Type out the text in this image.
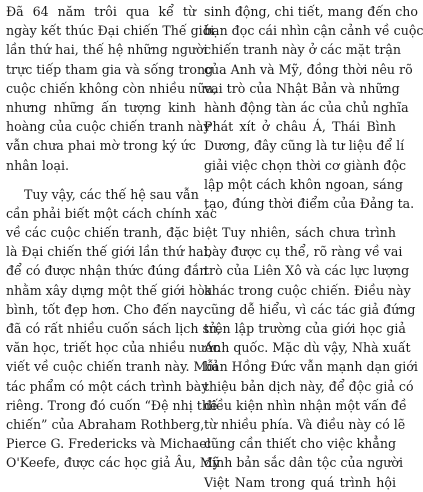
Đã 64 năm trôi qua kể từ
ngày kết thúc Đại chiến Thế giới
lần thứ hai, thế hệ những người
trực tiếp tham gia và sống trong
cuộc chiến không còn nhiều nữa,
nhưng những ấn tượng kinh
hoàng của cuộc chiến tranh này
vẫn chưa phai mờ trong ký ức
nhân loại.
Tuy vậy, các thế hệ sau vẫn
cần phải biết một cách chính xác
về các cuộc chiến tranh, đặc biệt
là Đại chiến thế giới lần thứ hai,
để có được nhận thức đúng đắn
nhằm xây dựng một thế giới hòa
bình, tốt đẹp hơn. Cho đến nay
đã có rất nhiều cuốn sách lịch sử,
văn học, triết học của nhiều nước
viết về cuộc chiến tranh này. Mỗi
tác phẩm có một cách trình bày
riêng. Trong đó cuốn “Đệ nhị thế
chiến” của Abraham Rothberg,
Pierce G. Fredericks và Michael
O'Keefe, được các học giả Âu, Mỹ
sinh động, chi tiết, mang đến cho
bạn đọc cái nhìn cận cảnh về cuộc
chiến tranh này ở các mặt trận
của Anh và Mỹ, đồng thời nêu rõ
vai trò của Nhật Bản và những
hành động tàn ác của chủ nghĩa
Phát xít ở châu Á, Thái Bình
Dương, đây cũng là tư liệu để lí
giải việc chọn thời cơ giành độc
lập một cách khôn ngoan, sáng
tạo, đúng thời điểm của Đảng ta.
Tuy nhiên, sách chưa trình
bày được cụ thể, rõ ràng về vai
trò của Liên Xô và các lực lượng
khác trong cuộc chiến. Điều này
cũng dễ hiểu, vì các tác giả đứng
trên lập trường của giới học giả
Anh quốc. Mặc dù vậy, Nhà xuất
bản Hồng Đức vẫn mạnh dạn giới
thiệu bản dịch này, để độc giả có
điều kiện nhìn nhận một vấn đề
từ nhiều phía. Và điều này có lẽ
cũng cần thiết cho việc khẳng
định bản sắc dân tộc của người
Việt Nam trong quá trình hội
